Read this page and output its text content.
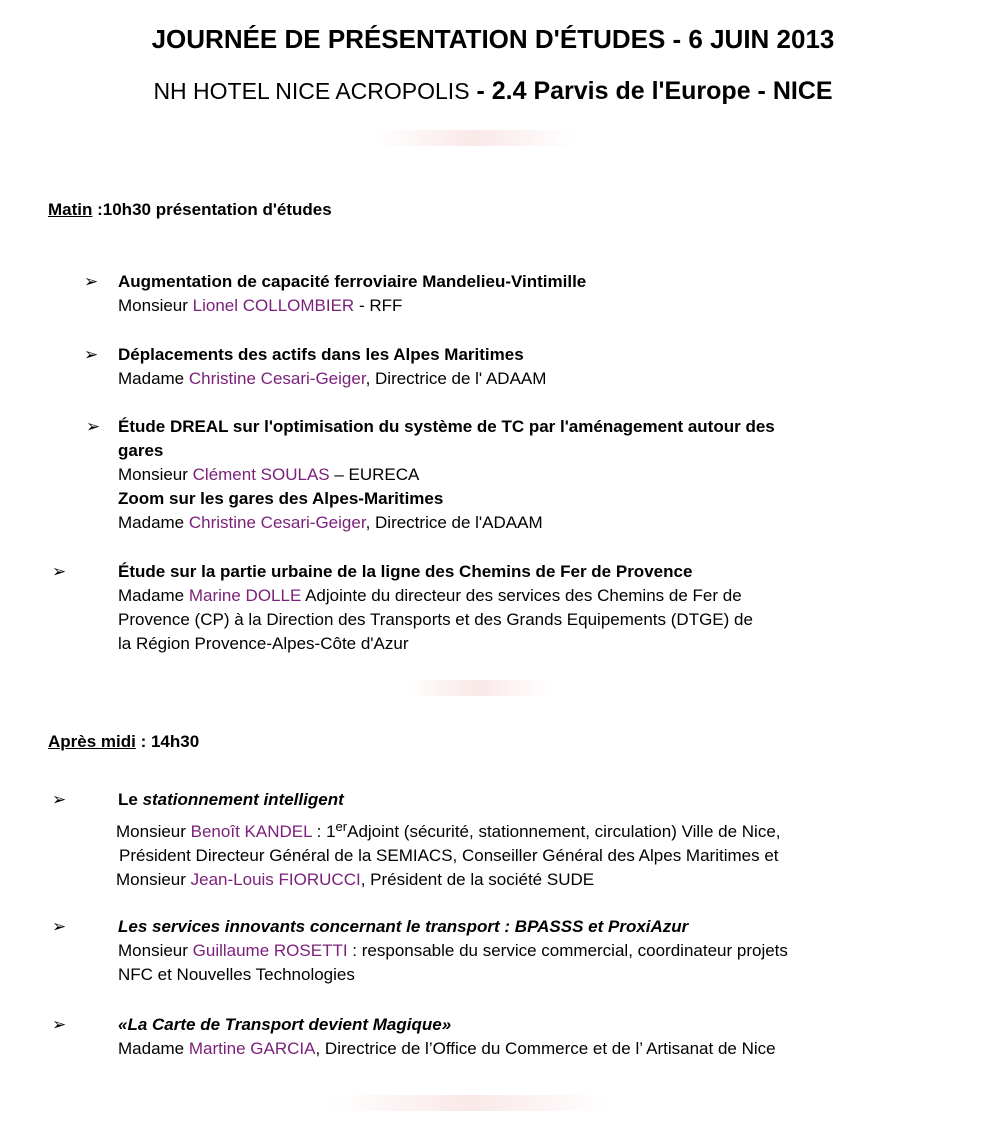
JOURNÉE DE PRÉSENTATION D'ÉTUDES - 6 JUIN 2013
NH HOTEL NICE ACROPOLIS - 2.4 Parvis de l'Europe - NICE
Matin :10h30 présentation d'études
➢ Augmentation de capacité ferroviaire Mandelieu-Vintimille
Monsieur Lionel COLLOMBIER - RFF
➢ Déplacements des actifs dans les Alpes Maritimes
Madame Christine Cesari-Geiger, Directrice de l' ADAAM
➢ Étude DREAL sur l'optimisation du système de TC par l'aménagement autour des
gares
Monsieur Clément SOULAS – EURECA
Zoom sur les gares des Alpes-Maritimes
Madame Christine Cesari-Geiger, Directrice de l'ADAAM
➢	Étude sur la partie urbaine de la ligne des Chemins de Fer de Provence
Madame Marine DOLLE Adjointe du directeur des services des Chemins de Fer de
Provence (CP) à la Direction des Transports et des Grands Equipements (DTGE) de
la Région Provence-Alpes-Côte d'Azur
Après midi : 14h30
➢	Le stationnement intelligent
Monsieur Benoît KANDEL : 1erAdjoint (sécurité, stationnement, circulation) Ville de Nice,
Président Directeur Général de la SEMIACS, Conseiller Général des Alpes Maritimes et
Monsieur Jean-Louis FIORUCCI, Président de la société SUDE
➢	Les services innovants concernant le transport : BPASSS et ProxiAzur
Monsieur Guillaume ROSETTI : responsable du service commercial, coordinateur projets
NFC et Nouvelles Technologies
➢	«La Carte de Transport devient Magique»
Madame Martine GARCIA, Directrice de l’Office du Commerce et de l’ Artisanat de Nice
